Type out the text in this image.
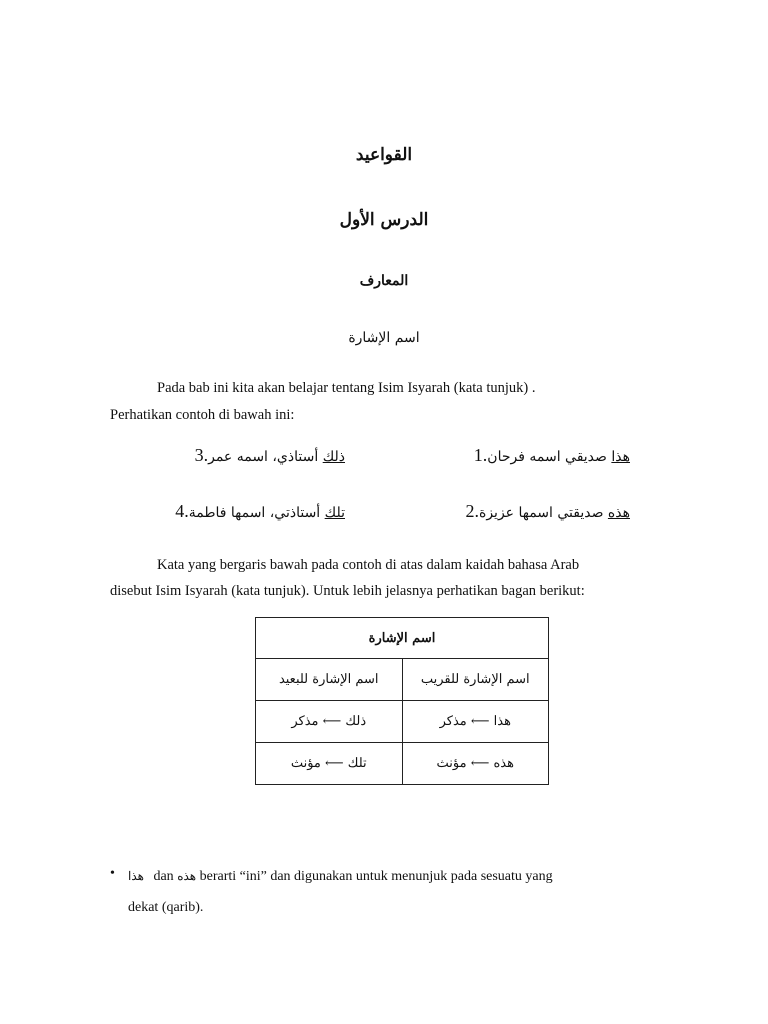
القواعيد
الدرس الأول
المعارف
اسم الإشارة
Pada bab ini kita akan belajar tentang Isim Isyarah (kata tunjuk) .
Perhatikan contoh di bawah ini:
1.	هذا صديقي اسمه فرحان
3.	ذلك أستاذي، اسمه عمر
2.	هذه صديقتي اسمها عزيزة
4.	تلك أستاذتي، اسمها فاطمة
Kata yang bergaris bawah pada contoh di atas dalam kaidah bahasa Arab
disebut Isim Isyarah (kata tunjuk). Untuk lebih jelasnya perhatikan bagan berikut:
اسم الإشارة	
اسم الإشارة للبعيد	اسم الإشارة للقريب
ذلك ⟵ مذكر	هذا ⟵ مذكر
تلك ⟵ مؤنث	هذه ⟵ مؤنث
• هذا dan هذه berarti “ini” dan digunakan untuk menunjuk pada sesuatu yang
dekat (qarib).
